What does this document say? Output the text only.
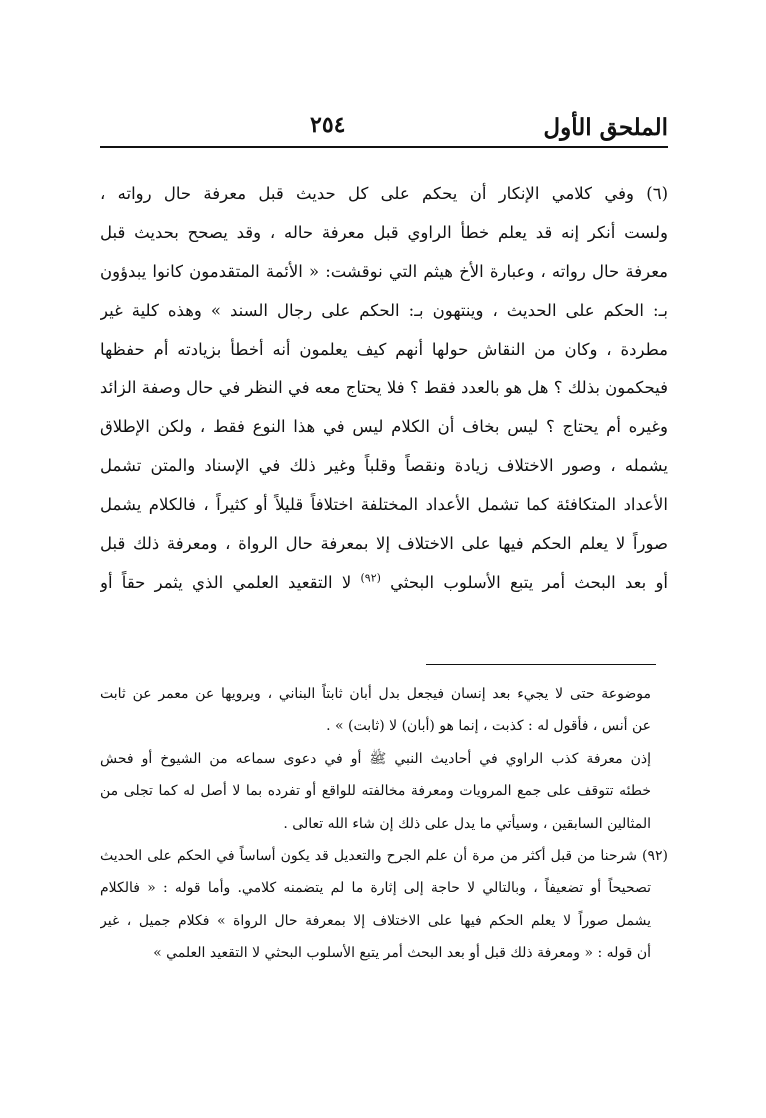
الملحق الأول
٢٥٤
(٦) وفي كلامي الإنكار أن يحكم على كل حديث قبل معرفة حال رواته ،
ولست أنكر إنه قد يعلم خطأ الراوي قبل معرفة حاله ، وقد يصحح بحديث قبل
معرفة حال رواته ، وعبارة الأخ هيثم التي نوقشت: « الأئمة المتقدمون كانوا يبدؤون
بـ: الحكم على الحديث ، وينتهون بـ: الحكم على رجال السند » وهذه كلية غير
مطردة ، وكان من النقاش حولها أنهم كيف يعلمون أنه أخطأ بزيادته أم حفظها
فيحكمون بذلك ؟ هل هو بالعدد فقط ؟ فلا يحتاج معه في النظر في حال وصفة الزائد
وغيره أم يحتاج ؟ ليس بخاف أن الكلام ليس في هذا النوع فقط ، ولكن الإطلاق
يشمله ، وصور الاختلاف زيادة ونقصاً وقلباً وغير ذلك في الإسناد والمتن تشمل
الأعداد المتكافئة كما تشمل الأعداد المختلفة اختلافاً قليلاً أو كثيراً ، فالكلام يشمل
صوراً لا يعلم الحكم فيها على الاختلاف إلا بمعرفة حال الرواة ، ومعرفة ذلك قبل
أو بعد البحث أمر يتبع الأسلوب البحثي $^{(٩٢)}$ لا التقعيد العلمي الذي يثمر حقاً أو
موضوعة حتى لا يجيء بعد إنسان فيجعل بدل أبان ثابتاً البناني ، ويرويها عن معمر عن ثابت
عن أنس ، فأقول له : كذبت ، إنما هو (أبان) لا (ثابت) » .
إذن معرفة كذب الراوي في أحاديث النبي ﷺ أو في دعوى سماعه من الشيوخ أو فحش
خطئه تتوقف على جمع المرويات ومعرفة مخالفته للواقع أو تفرده بما لا أصل له كما تجلى من
المثالين السابقين ، وسيأتي ما يدل على ذلك إن شاء الله تعالى .
(٩٢) شرحنا من قبل أكثر من مرة أن علم الجرح والتعديل قد يكون أساساً في الحكم على الحديث
تصحيحاً أو تضعيفاً ، وبالتالي لا حاجة إلى إثارة ما لم يتضمنه كلامي. وأما قوله : « فالكلام
يشمل صوراً لا يعلم الحكم فيها على الاختلاف إلا بمعرفة حال الرواة » فكلام جميل ، غير
أن قوله : « ومعرفة ذلك قبل أو بعد البحث أمر يتبع الأسلوب البحثي لا التقعيد العلمي »
